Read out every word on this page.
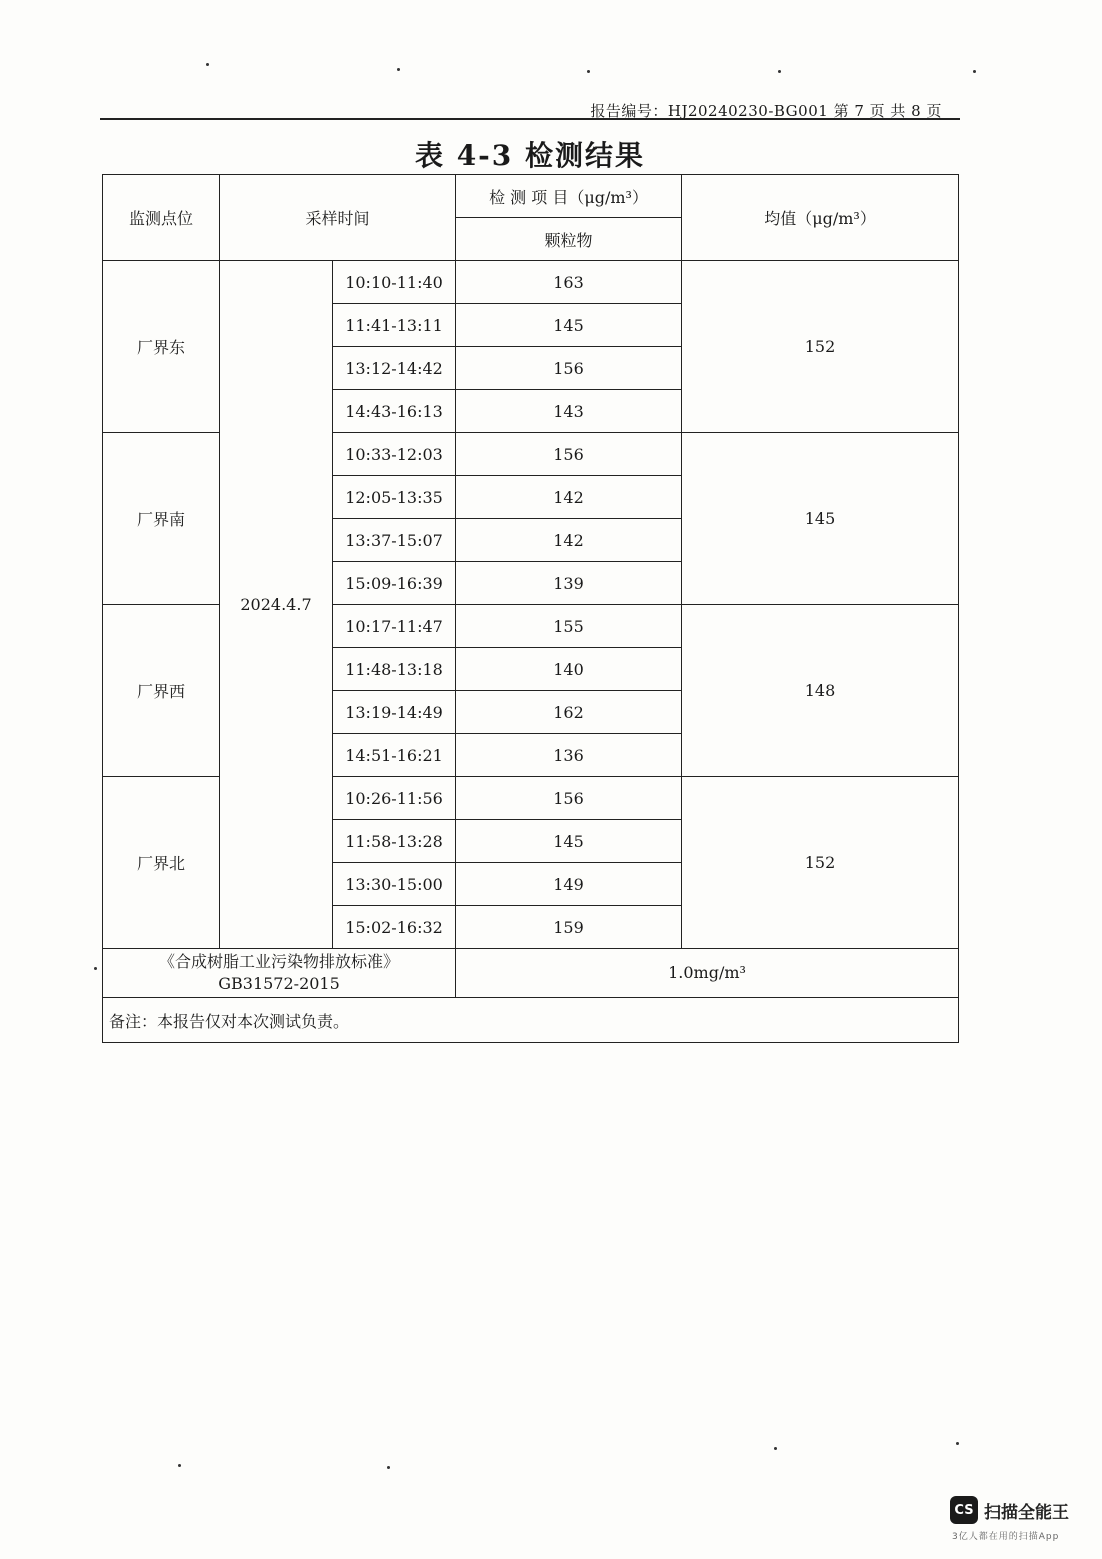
报告编号：HJ20240230-BG001 第 7 页 共 8 页
表 4-3 检测结果
监测点位	采样时间		检 测 项 目（μg/m³）	均值（μg/m³）
			颗粒物	
厂界东	2024.4.7	10:10-11:40	163	152
		11:41-13:11	145	
		13:12-14:42	156	
		14:43-16:13	143	
厂界南		10:33-12:03	156	145
		12:05-13:35	142	
		13:37-15:07	142	
		15:09-16:39	139	
厂界西		10:17-11:47	155	148
		11:48-13:18	140	
		13:19-14:49	162	
		14:51-16:21	136	
厂界北		10:26-11:56	156	152
		11:58-13:28	145	
		13:30-15:00	149	
		15:02-16:32	159	

《合成树脂工业污染物排放标准》
GB31572-2015			1.0mg/m³	
备注：本报告仅对本次测试负责。				
CS 扫描全能王
3亿人都在用的扫描App
